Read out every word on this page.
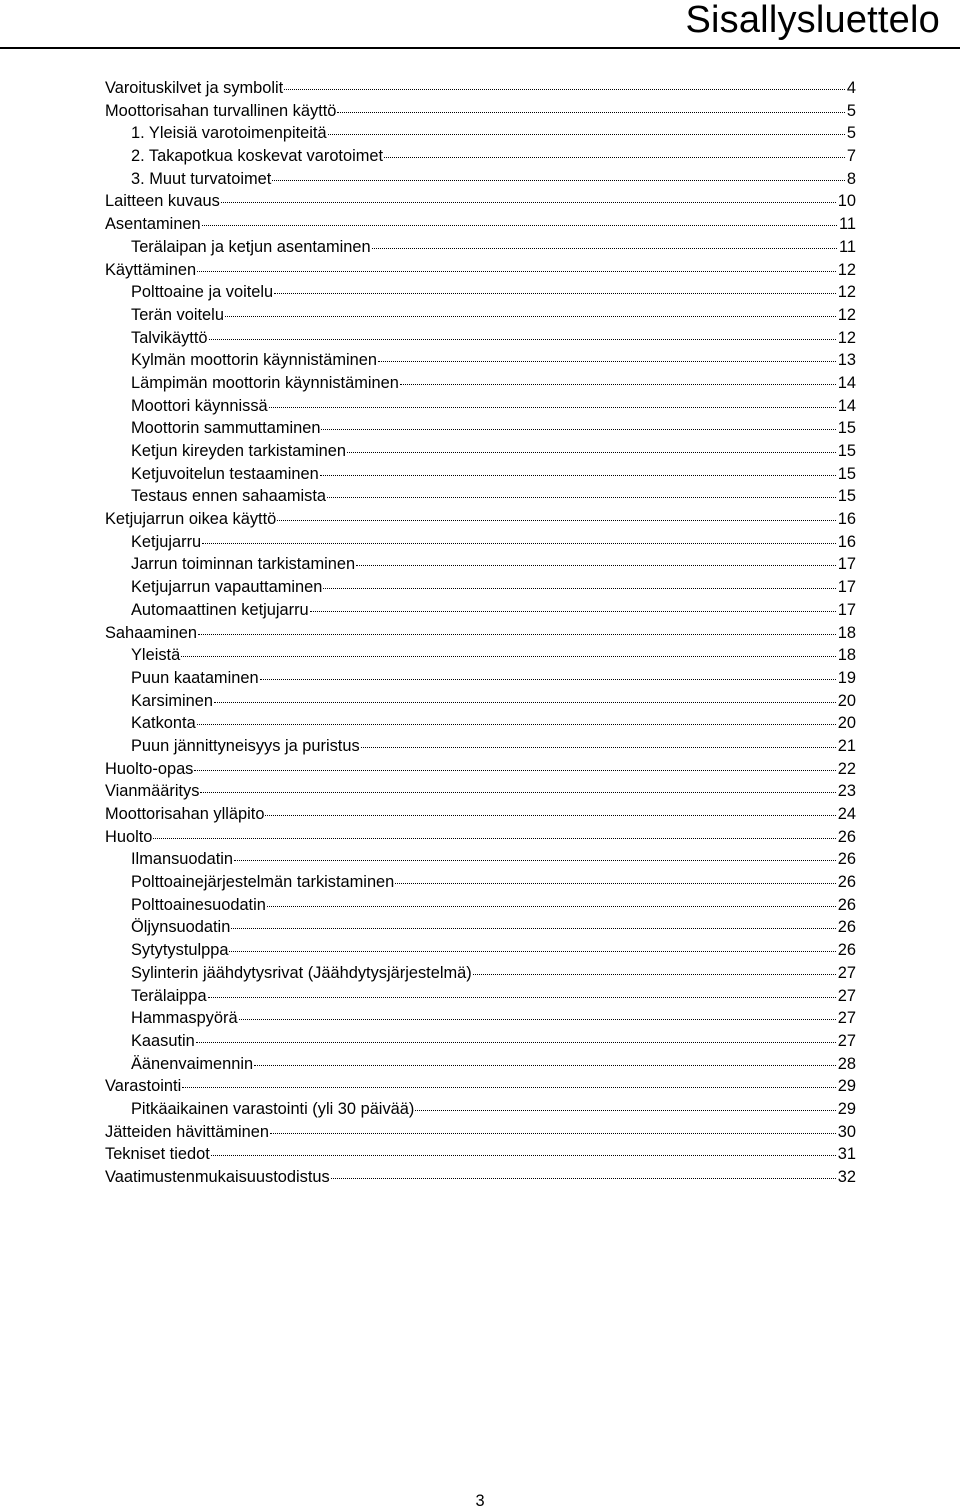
Sisallysluettelo
Varoituskilvet ja symbolit	4
Moottorisahan turvallinen käyttö	5
1. Yleisiä varotoimenpiteitä	5
2. Takapotkua koskevat varotoimet	7
3. Muut turvatoimet	8
Laitteen kuvaus	10
Asentaminen	11
Terälaipan ja ketjun asentaminen	11
Käyttäminen	12
Polttoaine ja voitelu	12
Terän voitelu	12
Talvikäyttö	12
Kylmän moottorin käynnistäminen	13
Lämpimän moottorin käynnistäminen	14
Moottori käynnissä	14
Moottorin sammuttaminen	15
Ketjun kireyden tarkistaminen	15
Ketjuvoitelun testaaminen	15
Testaus ennen sahaamista	15
Ketjujarrun oikea käyttö	16
Ketjujarru	16
Jarrun toiminnan tarkistaminen	17
Ketjujarrun vapauttaminen	17
Automaattinen ketjujarru	17
Sahaaminen	18
Yleistä	18
Puun kaataminen	19
Karsiminen	20
Katkonta	20
Puun jännittyneisyys ja puristus	21
Huolto-opas	22
Vianmääritys	23
Moottorisahan ylläpito	24
Huolto	26
Ilmansuodatin	26
Polttoainejärjestelmän tarkistaminen	26
Polttoainesuodatin	26
Öljynsuodatin	26
Sytytystulppa	26
Sylinterin jäähdytysrivat (Jäähdytysjärjestelmä)	27
Terälaippa	27
Hammaspyörä	27
Kaasutin	27
Äänenvaimennin	28
Varastointi	29
Pitkäaikainen varastointi (yli 30 päivää)	29
Jätteiden hävittäminen	30
Tekniset tiedot	31
Vaatimustenmukaisuustodistus	32
3
